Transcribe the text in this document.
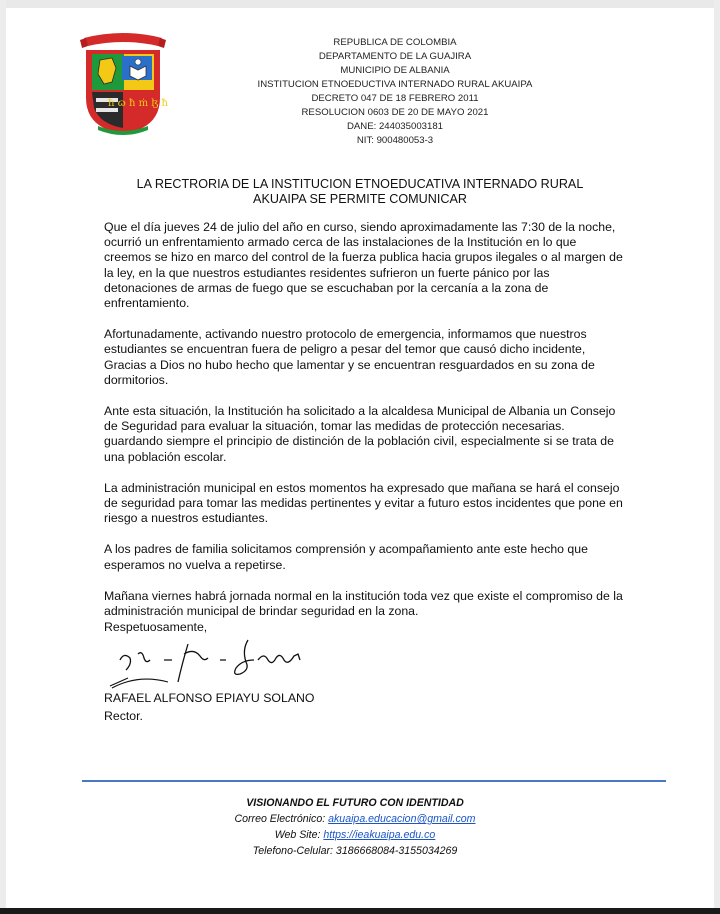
ħ ɷ ħ ṁ ɮ ħ
REPUBLICA DE COLOMBIA
DEPARTAMENTO DE LA GUAJIRA
MUNICIPIO DE ALBANIA
INSTITUCION ETNOEDUCTIVA INTERNADO RURAL AKUAIPA
DECRETO 047 DE 18 FEBRERO 2011
RESOLUCION 0603 DE 20 DE MAYO 2021
DANE: 244035003181
NIT: 900480053-3
LA RECTRORIA DE LA INSTITUCION ETNOEDUCATIVA INTERNADO RURAL
AKUAIPA SE PERMITE COMUNICAR

Que el día jueves 24 de julio del año en curso, siendo aproximadamente las 7:30 de la noche, ocurrió un enfrentamiento armado cerca de las instalaciones de la Institución en lo que creemos se hizo en marco del control de la fuerza publica hacia grupos ilegales o al margen de la ley, en la que nuestros estudiantes residentes sufrieron un fuerte pánico por las detonaciones de armas de fuego que se escuchaban por la cercanía a la zona de enfrentamiento.

Afortunadamente, activando nuestro protocolo de emergencia, informamos que nuestros estudiantes se encuentran fuera de peligro a pesar del temor que causó dicho incidente, Gracias a Dios no hubo hecho que lamentar y se encuentran resguardados en su zona de dormitorios.

Ante esta situación, la Institución ha solicitado a la alcaldesa Municipal de Albania un Consejo de Seguridad para evaluar la situación, tomar las medidas de protección necesarias. guardando siempre el principio de distinción de la población civil, especialmente si se trata de una población escolar.

La administración municipal en estos momentos ha expresado que mañana se hará el consejo de seguridad para tomar las medidas pertinentes y evitar a futuro estos incidentes que pone en riesgo a nuestros estudiantes.

A los padres de familia solicitamos comprensión y acompañamiento ante este hecho que esperamos no vuelva a repetirse.

Mañana viernes habrá jornada normal en la institución toda vez que existe el compromiso de la administración municipal de brindar seguridad en la zona.

Respetuosamente,
RAFAEL ALFONSO EPIAYU SOLANO
Rector.
VISIONANDO EL FUTURO CON IDENTIDAD
Correo Electrónico: akuaipa.educacion@gmail.com
Web Site: https://ieakuaipa.edu.co
Telefono-Celular: 3186668084-3155034269
